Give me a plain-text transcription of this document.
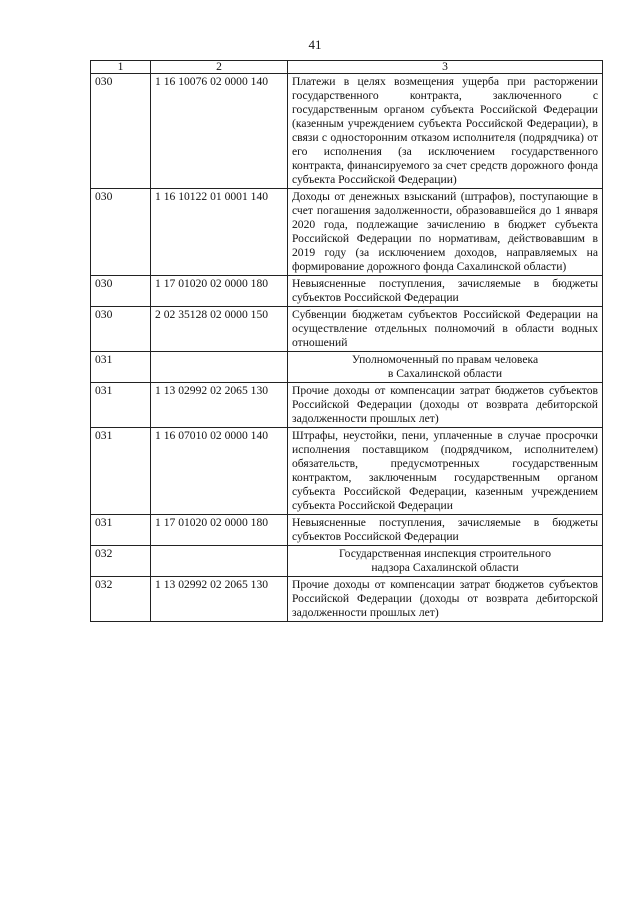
41
1	2	3
030	1 16 10076 02 0000 140	Платежи в целях возмещения ущерба при расторжении государственного контракта, заключенного с государственным органом субъекта Российской Федерации (казенным учреждением субъекта Российской Федерации), в связи с односторонним отказом исполнителя (подрядчика) от его исполнения (за исключением государственного контракта, финансируемого за счет средств дорожного фонда субъекта Российской Федерации)
030	1 16 10122 01 0001 140	Доходы от денежных взысканий (штрафов), поступающие в счет погашения задолженности, образовавшейся до 1 января 2020 года, подлежащие зачислению в бюджет субъекта Российской Федерации по нормативам, действовавшим в 2019 году (за исключением доходов, направляемых на формирование дорожного фонда Сахалинской области)
030	1 17 01020 02 0000 180	Невыясненные поступления, зачисляемые в бюджеты субъектов Российской Федерации
030	2 02 35128 02 0000 150	Субвенции бюджетам субъектов Российской Федерации на осуществление отдельных полномочий в области водных отношений
031		Уполномоченный по правам человека
в Сахалинской области

031	1 13 02992 02 2065 130	Прочие доходы от компенсации затрат бюджетов субъектов Российской Федерации (доходы от возврата дебиторской задолженности прошлых лет)
031	1 16 07010 02 0000 140	Штрафы, неустойки, пени, уплаченные в случае просрочки исполнения поставщиком (подрядчиком, исполнителем) обязательств, предусмотренных государственным контрактом, заключенным государственным органом субъекта Российской Федерации, казенным учреждением субъекта Российской Федерации
031	1 17 01020 02 0000 180	Невыясненные поступления, зачисляемые в бюджеты субъектов Российской Федерации
032		Государственная инспекция строительного
надзора Сахалинской области

032	1 13 02992 02 2065 130	Прочие доходы от компенсации затрат бюджетов субъектов Российской Федерации (доходы от возврата дебиторской задолженности прошлых лет)
